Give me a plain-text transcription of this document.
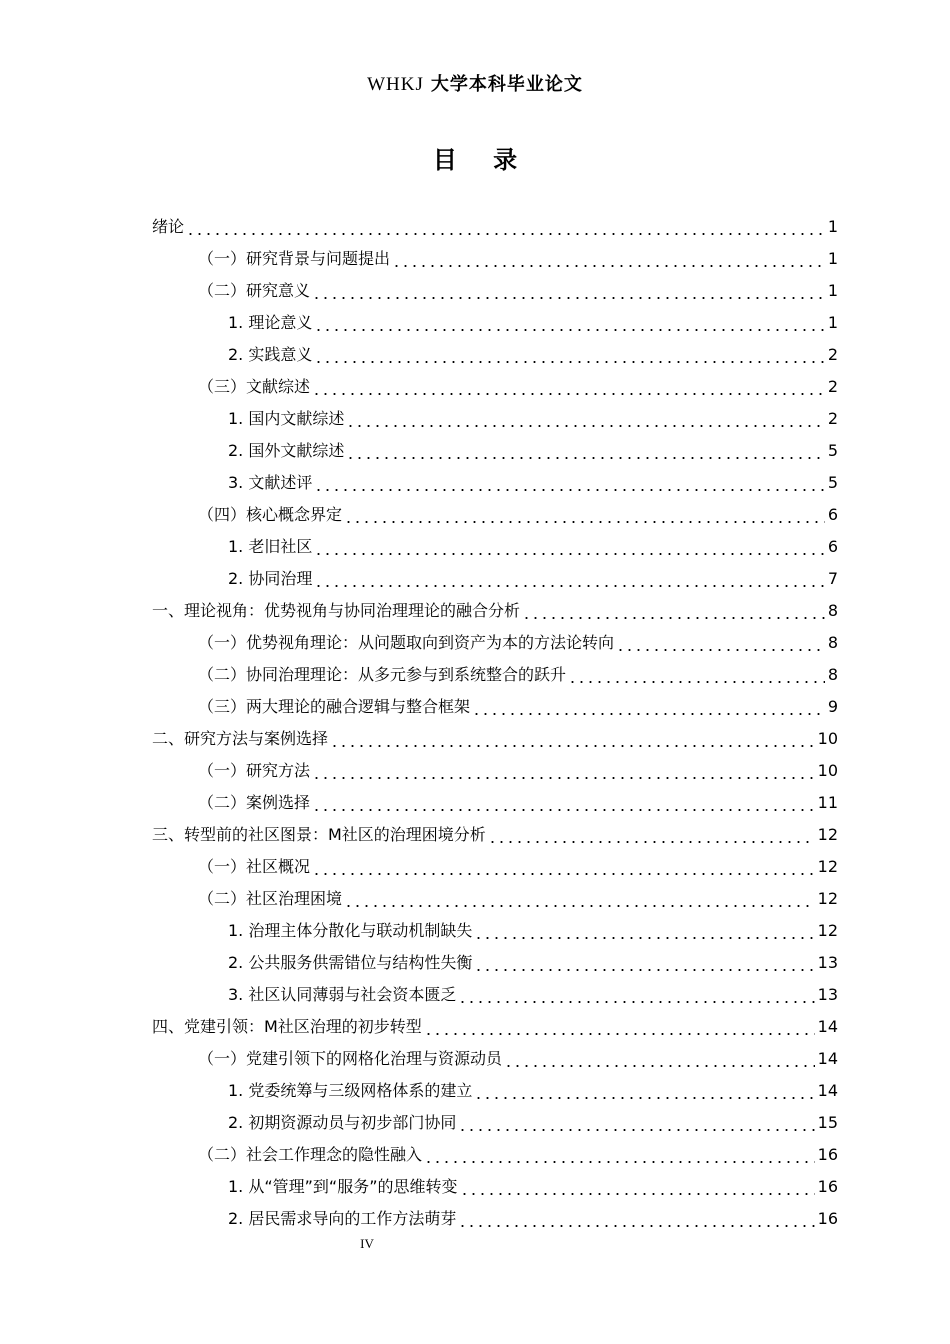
WHKJ 大学本科毕业论文
目 录
绪论	1
（一）研究背景与问题提出	1
（二）研究意义	1
1. 理论意义	1
2. 实践意义	2
（三）文献综述	2
1. 国内文献综述	2
2. 国外文献综述	5
3. 文献述评	5
（四）核心概念界定	6
1. 老旧社区	6
2. 协同治理	7
一、理论视角：优势视角与协同治理理论的融合分析	8
（一）优势视角理论：从问题取向到资产为本的方法论转向	8
（二）协同治理理论：从多元参与到系统整合的跃升	8
（三）两大理论的融合逻辑与整合框架	9
二、研究方法与案例选择	10
（一）研究方法	10
（二）案例选择	11
三、转型前的社区图景：M社区的治理困境分析	12
（一）社区概况	12
（二）社区治理困境	12
1. 治理主体分散化与联动机制缺失	12
2. 公共服务供需错位与结构性失衡	13
3. 社区认同薄弱与社会资本匮乏	13
四、党建引领：M社区治理的初步转型	14
（一）党建引领下的网格化治理与资源动员	14
1. 党委统筹与三级网格体系的建立	14
2. 初期资源动员与初步部门协同	15
（二）社会工作理念的隐性融入	16
1. 从“管理”到“服务”的思维转变	16
2. 居民需求导向的工作方法萌芽	16
IV
